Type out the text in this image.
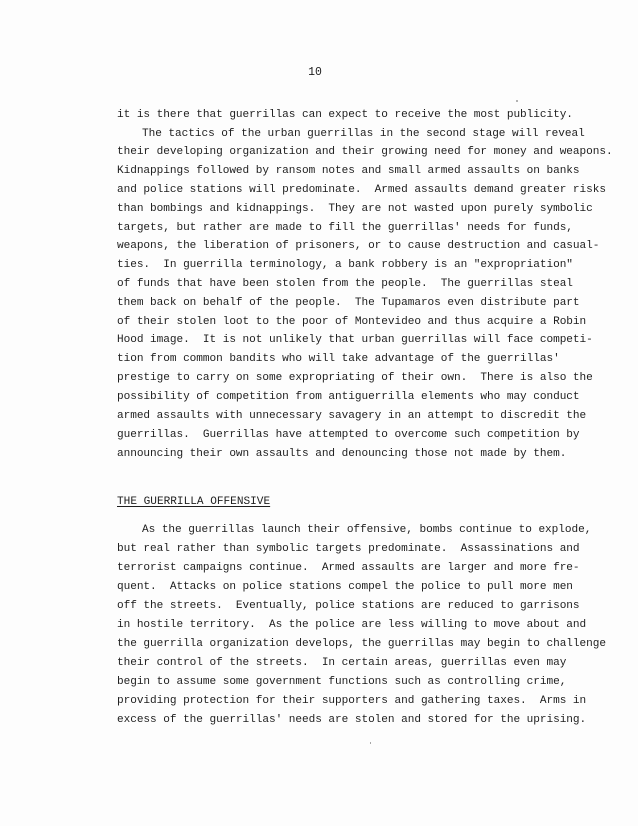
10
it is there that guerrillas can expect to receive the most publicity.
The tactics of the urban guerrillas in the second stage will reveal
their developing organization and their growing need for money and weapons.
Kidnappings followed by ransom notes and small armed assaults on banks
and police stations will predominate.  Armed assaults demand greater risks
than bombings and kidnappings.  They are not wasted upon purely symbolic
targets, but rather are made to fill the guerrillas' needs for funds,
weapons, the liberation of prisoners, or to cause destruction and casual-
ties.  In guerrilla terminology, a bank robbery is an "expropriation"
of funds that have been stolen from the people.  The guerrillas steal
them back on behalf of the people.  The Tupamaros even distribute part
of their stolen loot to the poor of Montevideo and thus acquire a Robin
Hood image.  It is not unlikely that urban guerrillas will face competi-
tion from common bandits who will take advantage of the guerrillas'
prestige to carry on some expropriating of their own.  There is also the
possibility of competition from antiguerrilla elements who may conduct
armed assaults with unnecessary savagery in an attempt to discredit the
guerrillas.  Guerrillas have attempted to overcome such competition by
announcing their own assaults and denouncing those not made by them.
THE GUERRILLA OFFENSIVE
As the guerrillas launch their offensive, bombs continue to explode,
but real rather than symbolic targets predominate.  Assassinations and
terrorist campaigns continue.  Armed assaults are larger and more fre-
quent.  Attacks on police stations compel the police to pull more men
off the streets.  Eventually, police stations are reduced to garrisons
in hostile territory.  As the police are less willing to move about and
the guerrilla organization develops, the guerrillas may begin to challenge
their control of the streets.  In certain areas, guerrillas even may
begin to assume some government functions such as controlling crime,
providing protection for their supporters and gathering taxes.  Arms in
excess of the guerrillas' needs are stolen and stored for the uprising.
